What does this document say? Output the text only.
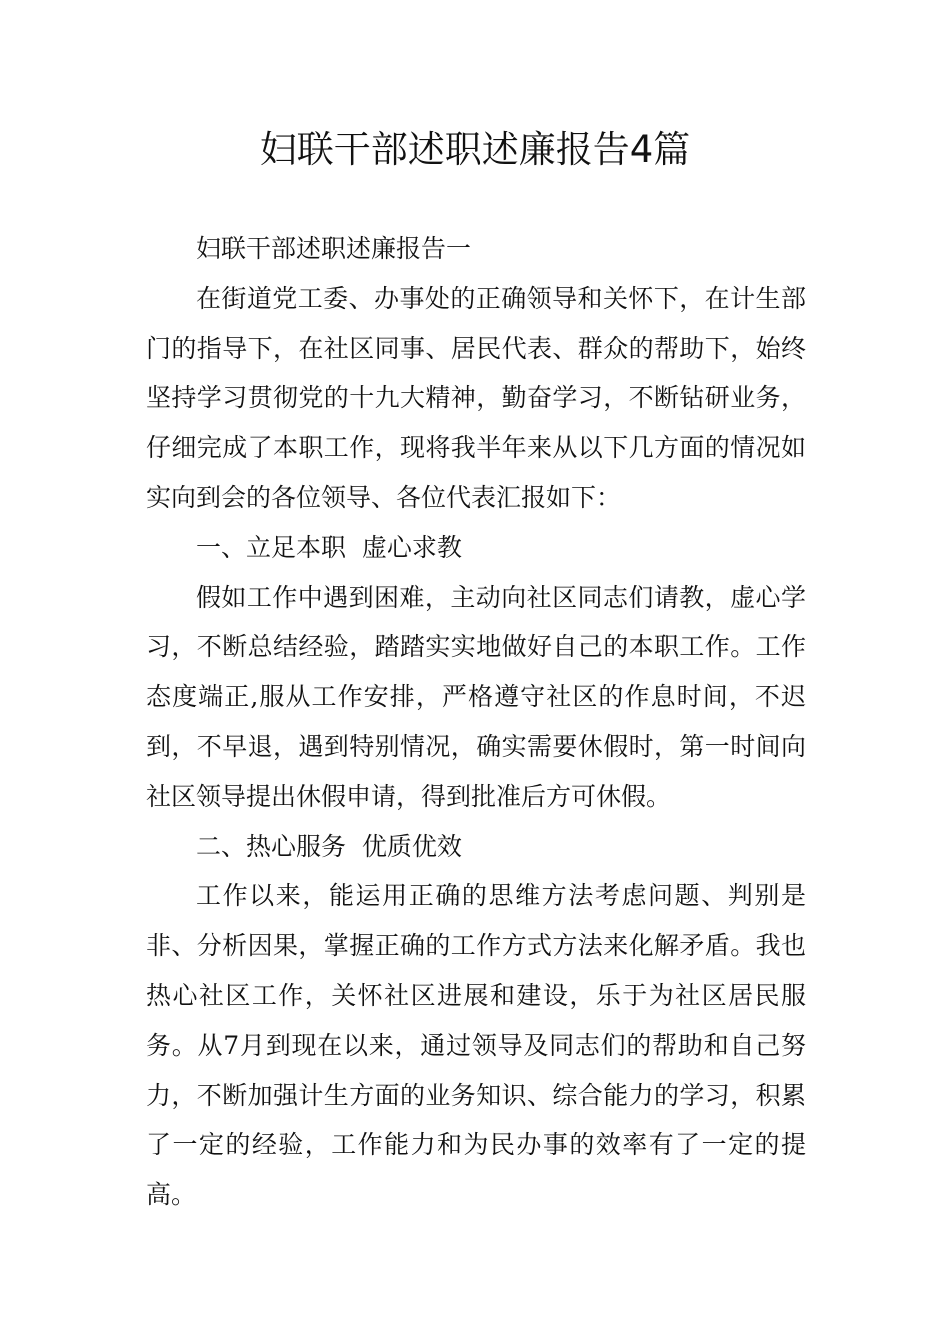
妇联干部述职述廉报告4篇

妇联干部述职述廉报告一

在街道党工委、办事处的正确领导和关怀下，在计生部门的指导下，在社区同事、居民代表、群众的帮助下，始终坚持学习贯彻党的十九大精神，勤奋学习，不断钻研业务，仔细完成了本职工作，现将我半年来从以下几方面的情况如实向到会的各位领导、各位代表汇报如下：

一、立足本职  虚心求教

假如工作中遇到困难，主动向社区同志们请教，虚心学习，不断总结经验，踏踏实实地做好自己的本职工作。工作态度端正,服从工作安排，严格遵守社区的作息时间，不迟到，不早退，遇到特别情况，确实需要休假时，第一时间向社区领导提出休假申请，得到批准后方可休假。

二、热心服务  优质优效

工作以来，能运用正确的思维方法考虑问题、判别是非、分析因果，掌握正确的工作方式方法来化解矛盾。我也热心社区工作，关怀社区进展和建设，乐于为社区居民服务。从7月到现在以来，通过领导及同志们的帮助和自己努力，不断加强计生方面的业务知识、综合能力的学习，积累了一定的经验，工作能力和为民办事的效率有了一定的提高。
